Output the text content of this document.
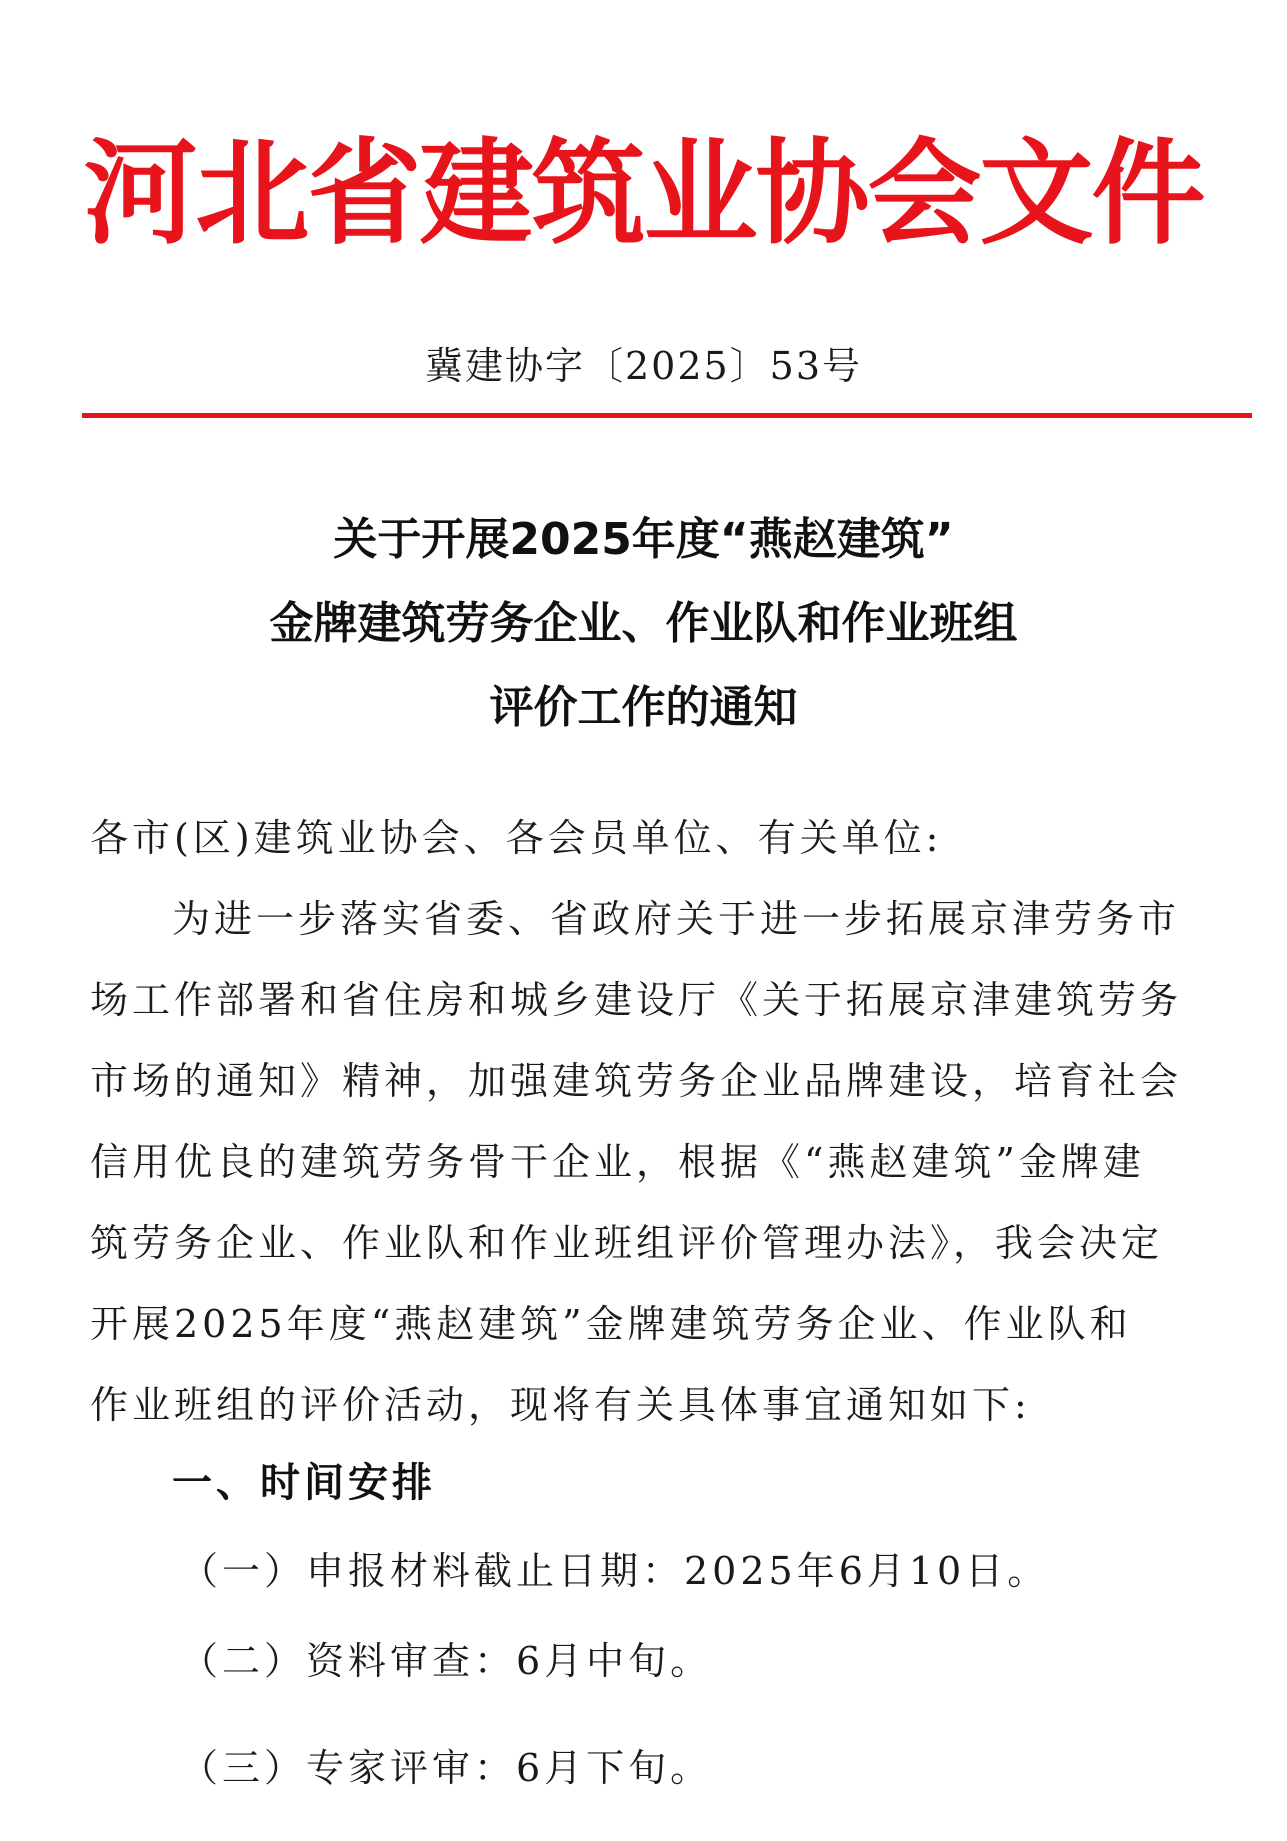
河北省建筑业协会文件
冀建协字〔2025〕53号
关于开展2025年度“燕赵建筑”
金牌建筑劳务企业、作业队和作业班组
评价工作的通知
各市(区)建筑业协会、各会员单位、有关单位:
为进一步落实省委、省政府关于进一步拓展京津劳务市
场工作部署和省住房和城乡建设厅《关于拓展京津建筑劳务
市场的通知》精神，加强建筑劳务企业品牌建设，培育社会
信用优良的建筑劳务骨干企业，根据《“燕赵建筑”金牌建
筑劳务企业、作业队和作业班组评价管理办法》，我会决定
开展2025年度“燕赵建筑”金牌建筑劳务企业、作业队和
作业班组的评价活动，现将有关具体事宜通知如下:
一、时间安排
（一）申报材料截止日期：2025年6月10日。
（二）资料审查：6月中旬。
（三）专家评审：6月下旬。
